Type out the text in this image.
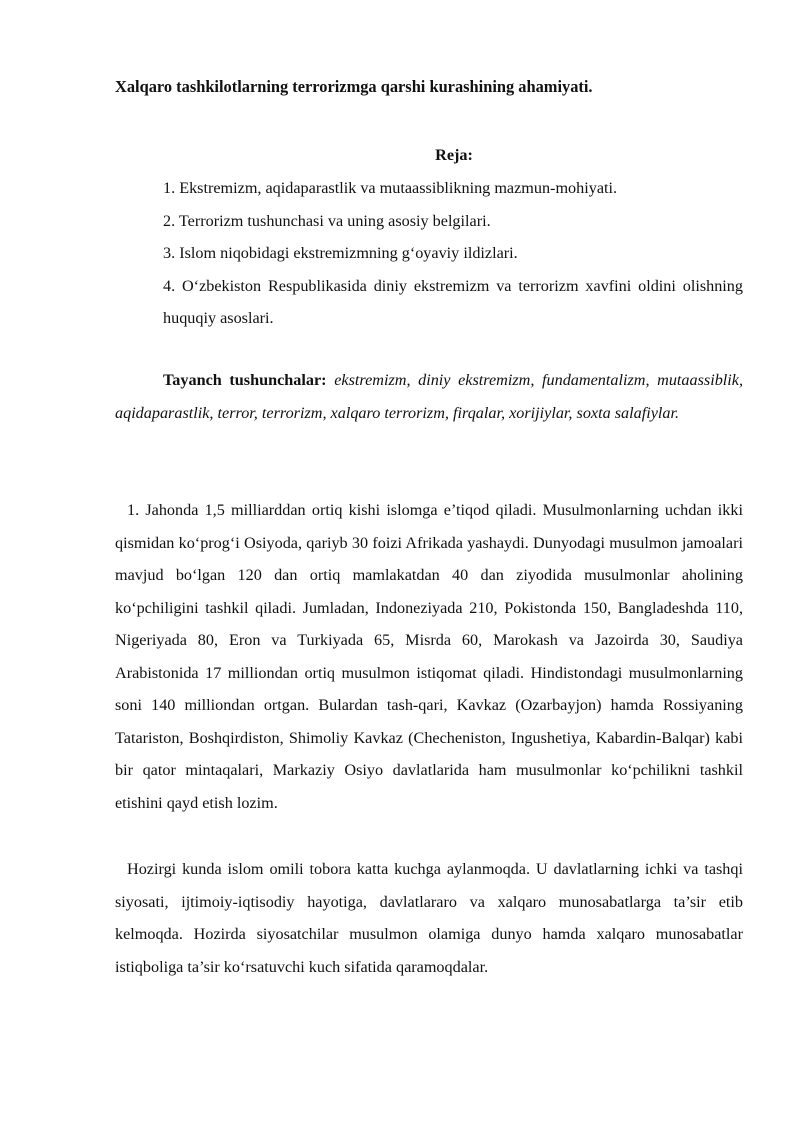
Xalqaro tashkilotlarning terrorizmga qarshi kurashining ahamiyati.

Reja:

1. Ekstremizm, aqidaparastlik va mutaassiblikning mazmun-mohiyati.
2. Terrorizm tushunchasi va uning asosiy belgilari.
3. Islom niqobidagi ekstremizmning g‘oyaviy ildizlari.
4. O‘zbekiston Respublikasida diniy ekstremizm va terrorizm xavfini oldini olishning huquqiy asoslari.

Tayanch tushunchalar: ekstremizm, diniy ekstremizm, fundamentalizm, mutaassiblik, aqidaparastlik, terror, terrorizm, xalqaro terrorizm, firqalar, xorijiylar, soxta salafiylar.

1. Jahonda 1,5 milliarddan ortiq kishi islomga e’tiqod qiladi. Musulmonlarning uchdan ikki qismidan ko‘prog‘i Osiyoda, qariyb 30 foizi Afrikada yashaydi. Dunyodagi musulmon jamoalari mavjud bo‘lgan 120 dan ortiq mamlakatdan 40 dan ziyodida musulmonlar aholining ko‘pchiligini tashkil qiladi. Jumladan, Indoneziyada 210, Pokistonda 150, Bangladeshda 110, Nigeriyada 80, Eron va Turkiyada 65, Misrda 60, Marokash va Jazoirda 30, Saudiya Arabistonida 17 milliondan ortiq musulmon istiqomat qiladi. Hindistondagi musulmonlarning soni 140 milliondan ortgan. Bulardan tash-qari, Kavkaz (Ozarbayjon) hamda Rossiyaning Tatariston, Boshqirdiston, Shimoliy Kavkaz (Checheniston, Ingushetiya, Kabardin-Balqar) kabi bir qator mintaqalari, Markaziy Osiyo davlatlarida ham musulmonlar ko‘pchilikni tashkil etishini qayd etish lozim.

Hozirgi kunda islom omili tobora katta kuchga aylanmoqda. U davlatlarning ichki va tashqi siyosati, ijtimoiy-iqtisodiy hayotiga, davlatlararo va xalqaro munosabatlarga ta’sir etib kelmoqda. Hozirda siyosatchilar musulmon olamiga dunyo hamda xalqaro munosabatlar istiqboliga ta’sir ko‘rsatuvchi kuch sifatida qaramoqdalar.
